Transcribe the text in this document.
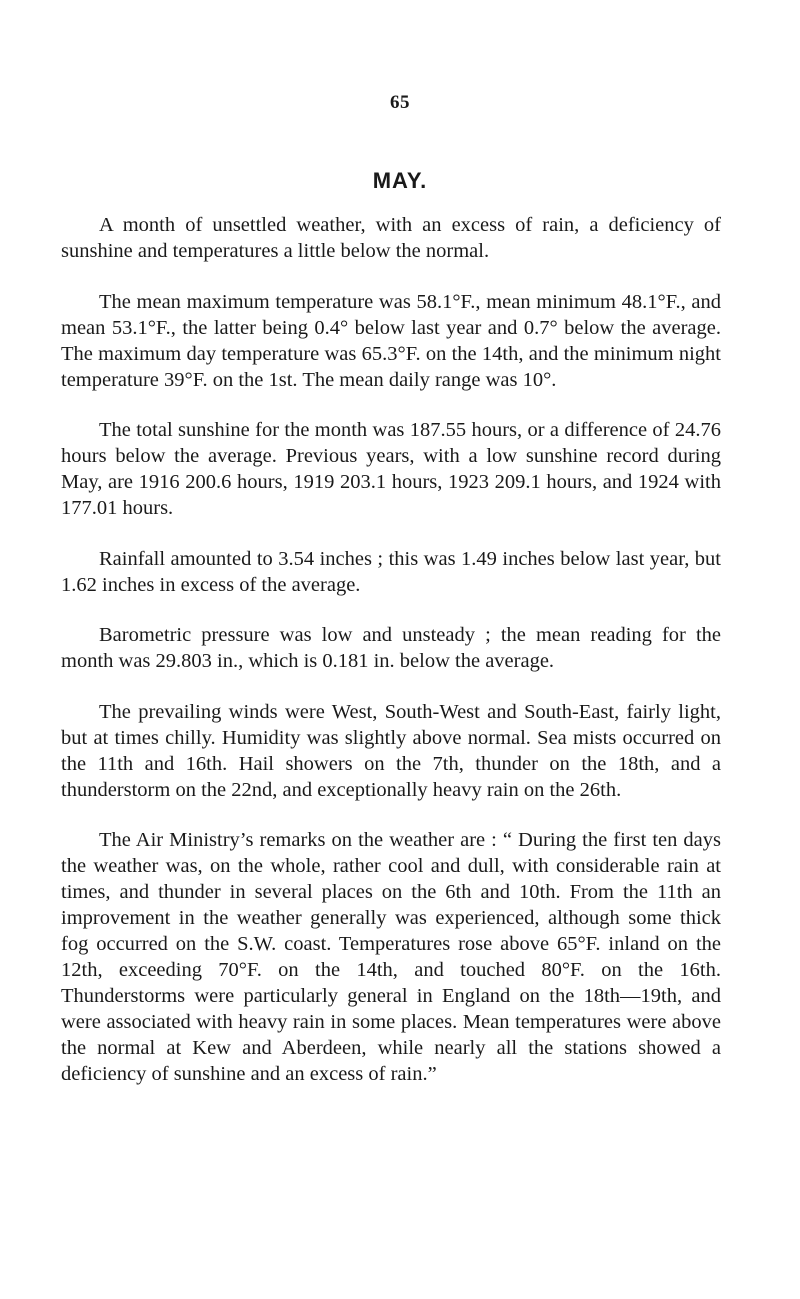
65
MAY.

A month of unsettled weather, with an excess of rain, a deficiency of sunshine and temperatures a little below the normal.

The mean maximum temperature was 58.1°F., mean minimum 48.1°F., and mean 53.1°F., the latter being 0.4° below last year and 0.7° below the average. The maximum day temperature was 65.3°F. on the 14th, and the minimum night temperature 39°F. on the 1st. The mean daily range was 10°.

The total sunshine for the month was 187.55 hours, or a difference of 24.76 hours below the average. Previous years, with a low sunshine record during May, are 1916 200.6 hours, 1919 203.1 hours, 1923 209.1 hours, and 1924 with 177.01 hours.

Rainfall amounted to 3.54 inches ; this was 1.49 inches below last year, but 1.62 inches in excess of the average.

Barometric pressure was low and unsteady ; the mean reading for the month was 29.803 in., which is 0.181 in. below the average.

The prevailing winds were West, South-West and South-East, fairly light, but at times chilly. Humidity was slightly above normal. Sea mists occurred on the 11th and 16th. Hail showers on the 7th, thunder on the 18th, and a thunderstorm on the 22nd, and exceptionally heavy rain on the 26th.

The Air Ministry’s remarks on the weather are : “ During the first ten days the weather was, on the whole, rather cool and dull, with considerable rain at times, and thunder in several places on the 6th and 10th. From the 11th an improvement in the weather generally was experienced, although some thick fog occurred on the S.W. coast. Temperatures rose above 65°F. inland on the 12th, exceeding 70°F. on the 14th, and touched 80°F. on the 16th. Thunderstorms were particularly general in England on the 18th—19th, and were associated with heavy rain in some places. Mean temperatures were above the normal at Kew and Aberdeen, while nearly all the stations showed a deficiency of sunshine and an excess of rain.”
